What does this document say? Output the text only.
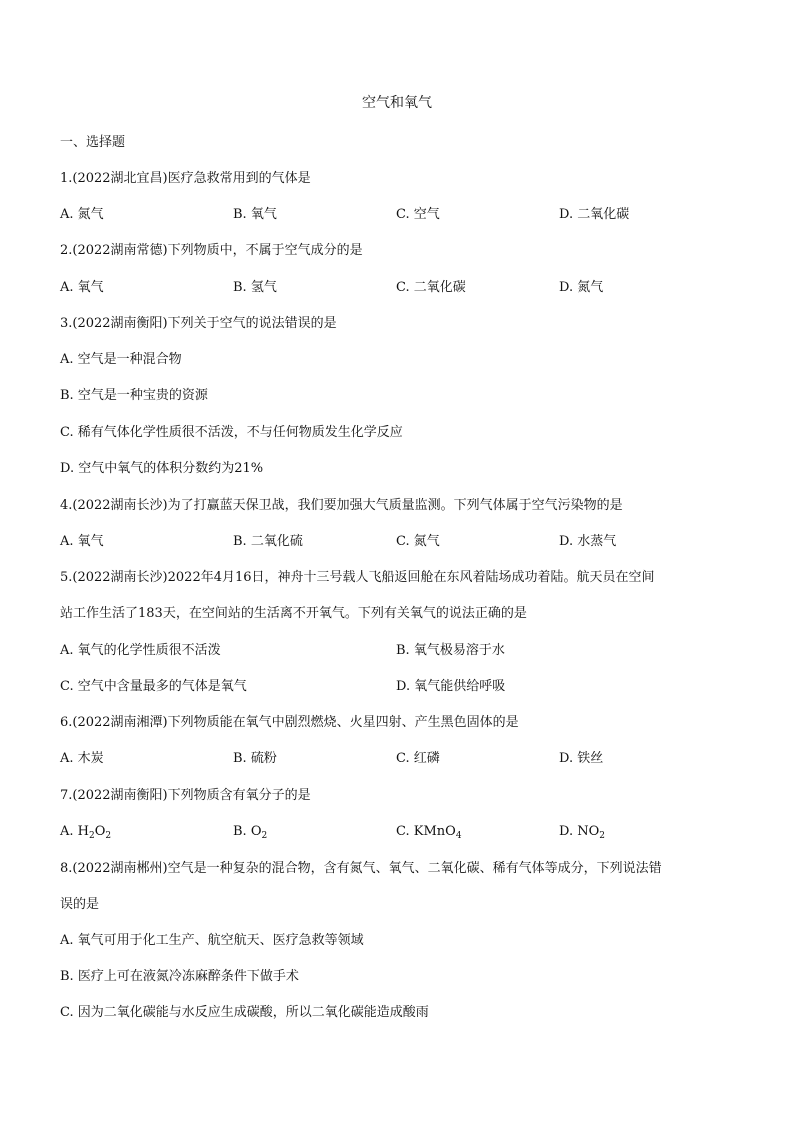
空气和氧气
一、选择题
1.(2022湖北宜昌)医疗急救常用到的气体是
A. 氮气	B. 氧气	C. 空气	D. 二氧化碳
2.(2022湖南常德)下列物质中，不属于空气成分的是
A. 氧气	B. 氢气	C. 二氧化碳	D. 氮气
3.(2022湖南衡阳)下列关于空气的说法错误的是
A. 空气是一种混合物
B. 空气是一种宝贵的资源
C. 稀有气体化学性质很不活泼，不与任何物质发生化学反应
D. 空气中氧气的体积分数约为21%
4.(2022湖南长沙)为了打赢蓝天保卫战，我们要加强大气质量监测。下列气体属于空气污染物的是
A. 氧气	B. 二氧化硫	C. 氮气	D. 水蒸气
5.(2022湖南长沙)2022年4月16日，神舟十三号载人飞船返回舱在东风着陆场成功着陆。航天员在空间
站工作生活了183天，在空间站的生活离不开氧气。下列有关氧气的说法正确的是
A. 氧气的化学性质很不活泼	B. 氧气极易溶于水
C. 空气中含量最多的气体是氧气	D. 氧气能供给呼吸
6.(2022湖南湘潭)下列物质能在氧气中剧烈燃烧、火星四射、产生黑色固体的是
A. 木炭	B. 硫粉	C. 红磷	D. 铁丝
7.(2022湖南衡阳)下列物质含有氧分子的是
A. $H_2O_2$	B. $O_2$	C. KMnO$_4$	D. $NO_2$
8.(2022湖南郴州)空气是一种复杂的混合物，含有氮气、氧气、二氧化碳、稀有气体等成分，下列说法错
误的是
A. 氧气可用于化工生产、航空航天、医疗急救等领域
B. 医疗上可在液氮冷冻麻醉条件下做手术
C. 因为二氧化碳能与水反应生成碳酸，所以二氧化碳能造成酸雨
